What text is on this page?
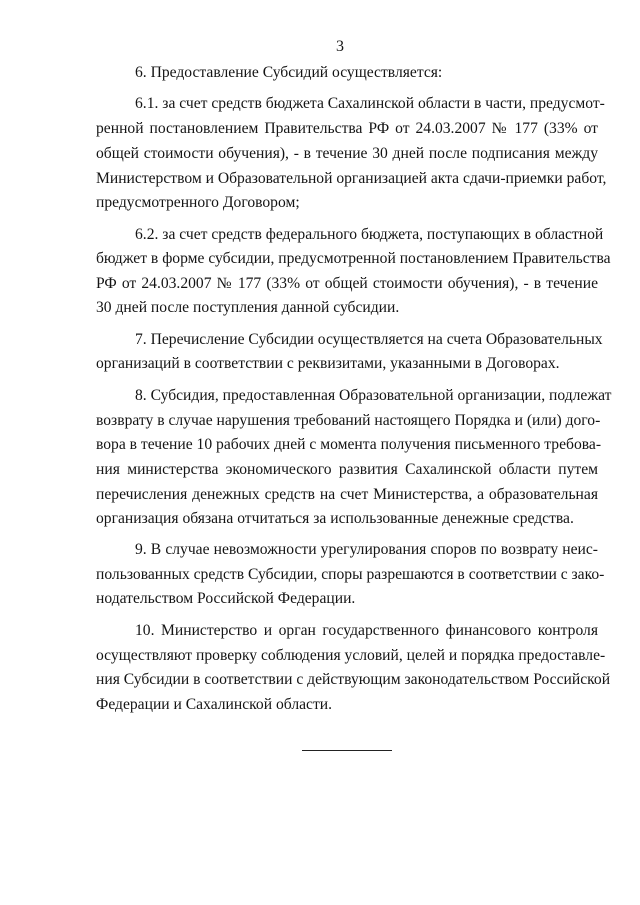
3
6. Предоставление Субсидий осуществляется:
6.1. за счет средств бюджета Сахалинской области в части, предусмот-
ренной постановлением Правительства РФ от 24.03.2007 № 177 (33% от
общей стоимости обучения), - в течение 30 дней после подписания между
Министерством и Образовательной организацией акта сдачи-приемки работ,
предусмотренного Договором;
6.2. за счет средств федерального бюджета, поступающих в областной
бюджет в форме субсидии, предусмотренной постановлением Правительства
РФ от 24.03.2007 № 177 (33% от общей стоимости обучения), - в течение
30 дней после поступления данной субсидии.
7. Перечисление Субсидии осуществляется на счета Образовательных
организаций в соответствии с реквизитами, указанными в Договорах.
8. Субсидия, предоставленная Образовательной организации, подлежат
возврату в случае нарушения требований настоящего Порядка и (или) дого-
вора в течение 10 рабочих дней с момента получения письменного требова-
ния министерства экономического развития Сахалинской области путем
перечисления денежных средств на счет Министерства, а образовательная
организация обязана отчитаться за использованные денежные средства.
9. В случае невозможности урегулирования споров по возврату неис-
пользованных средств Субсидии, споры разрешаются в соответствии с зако-
нодательством Российской Федерации.
10. Министерство и орган государственного финансового контроля
осуществляют проверку соблюдения условий, целей и порядка предоставле-
ния Субсидии в соответствии с действующим законодательством Российской
Федерации и Сахалинской области.
